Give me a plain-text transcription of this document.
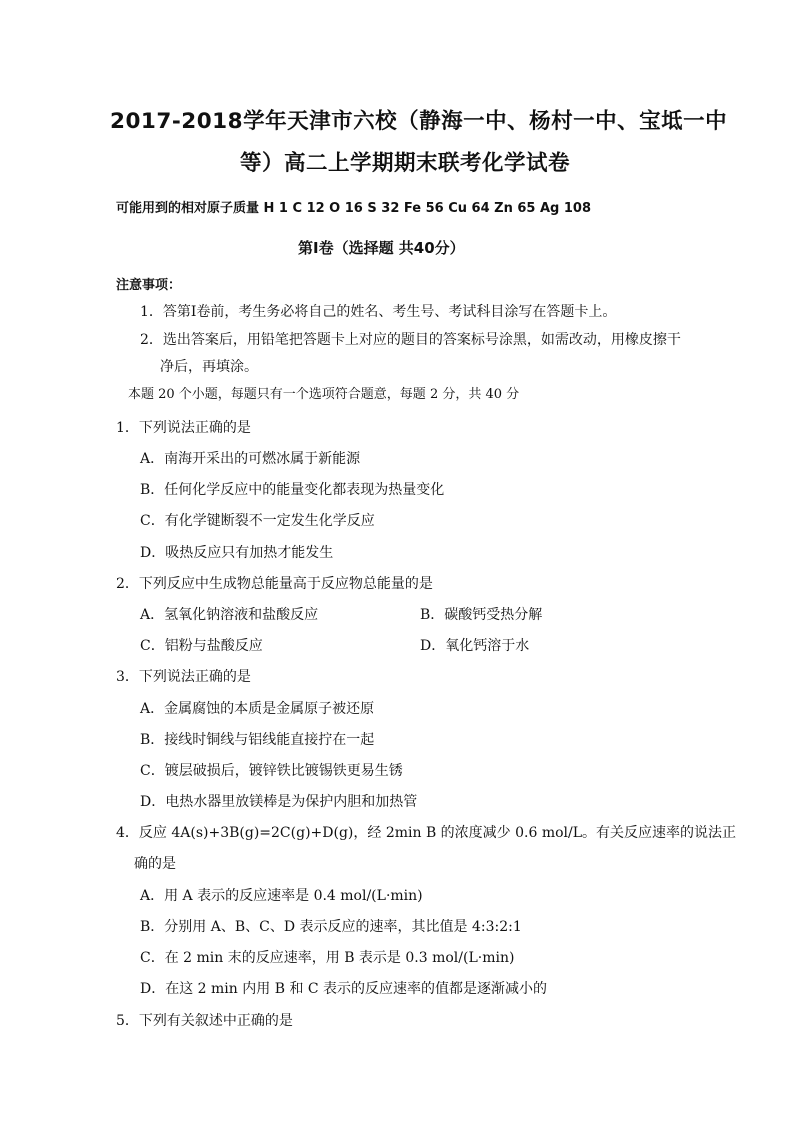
2017-2018学年天津市六校（静海一中、杨村一中、宝坻一中
等）高二上学期期末联考化学试卷
可能用到的相对原子质量 H 1 C 12 O 16 S 32 Fe 56 Cu 64 Zn 65 Ag 108
第Ⅰ卷（选择题 共40分）
注意事项：
1．答第Ⅰ卷前，考生务必将自己的姓名、考生号、考试科目涂写在答题卡上。
2．选出答案后，用铅笔把答题卡上对应的题目的答案标号涂黑，如需改动，用橡皮擦干
净后，再填涂。
本题 20 个小题，每题只有一个选项符合题意，每题 2 分，共 40 分
1．下列说法正确的是
A．南海开采出的可燃冰属于新能源
B．任何化学反应中的能量变化都表现为热量变化
C．有化学键断裂不一定发生化学反应
D．吸热反应只有加热才能发生
2．下列反应中生成物总能量高于反应物总能量的是
A．氢氧化钠溶液和盐酸反应	B．碳酸钙受热分解
C．铝粉与盐酸反应	D．氧化钙溶于水
3．下列说法正确的是
A．金属腐蚀的本质是金属原子被还原
B．接线时铜线与铝线能直接拧在一起
C．镀层破损后，镀锌铁比镀锡铁更易生锈
D．电热水器里放镁棒是为保护内胆和加热管
4．反应 4A(s)+3B(g)=2C(g)+D(g)，经 2min B 的浓度减少 0.6 mol/L。有关反应速率的说法正
确的是
A．用 A 表示的反应速率是 0.4 mol/(L·min)
B．分别用 A、B、C、D 表示反应的速率，其比值是 4:3:2:1
C．在 2 min 末的反应速率，用 B 表示是 0.3 mol/(L·min)
D．在这 2 min 内用 B 和 C 表示的反应速率的值都是逐渐减小的
5．下列有关叙述中正确的是
